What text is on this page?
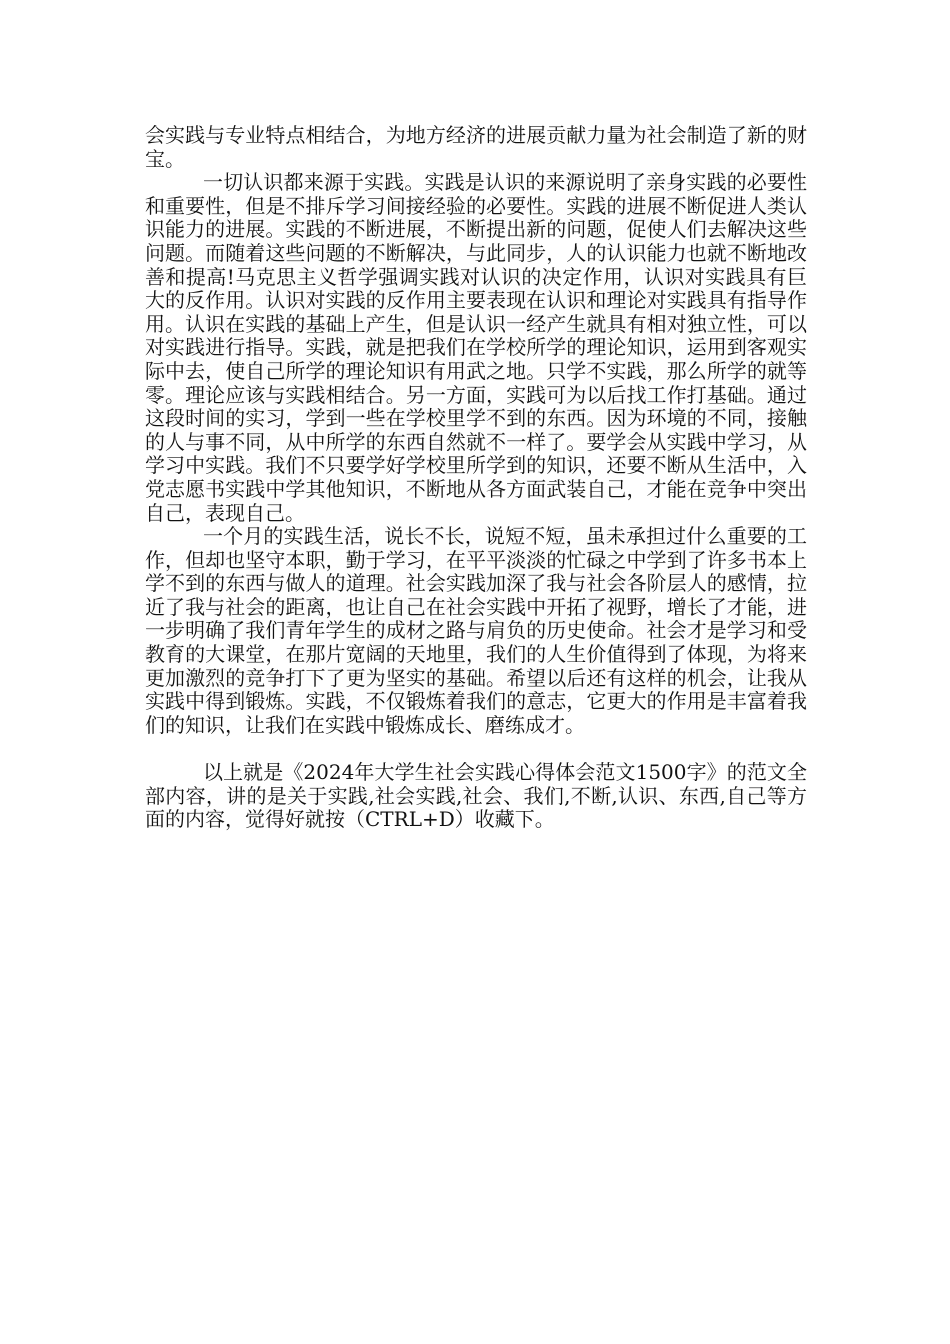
会实践与专业特点相结合，为地方经济的进展贡献力量为社会制造了新的财宝。

一切认识都来源于实践。实践是认识的来源说明了亲身实践的必要性和重要性，但是不排斥学习间接经验的必要性。实践的进展不断促进人类认识能力的进展。实践的不断进展，不断提出新的问题，促使人们去解决这些问题。而随着这些问题的不断解决，与此同步，人的认识能力也就不断地改善和提高!马克思主义哲学强调实践对认识的决定作用，认识对实践具有巨大的反作用。认识对实践的反作用主要表现在认识和理论对实践具有指导作用。认识在实践的基础上产生，但是认识一经产生就具有相对独立性，可以对实践进行指导。实践，就是把我们在学校所学的理论知识，运用到客观实际中去，使自己所学的理论知识有用武之地。只学不实践，那么所学的就等零。理论应该与实践相结合。另一方面，实践可为以后找工作打基础。通过这段时间的实习，学到一些在学校里学不到的东西。因为环境的不同，接触的人与事不同，从中所学的东西自然就不一样了。要学会从实践中学习，从学习中实践。我们不只要学好学校里所学到的知识，还要不断从生活中，入党志愿书实践中学其他知识，不断地从各方面武装自己，才能在竞争中突出自己，表现自己。

一个月的实践生活，说长不长，说短不短，虽未承担过什么重要的工作，但却也坚守本职，勤于学习，在平平淡淡的忙碌之中学到了许多书本上学不到的东西与做人的道理。社会实践加深了我与社会各阶层人的感情，拉近了我与社会的距离，也让自己在社会实践中开拓了视野，增长了才能，进一步明确了我们青年学生的成材之路与肩负的历史使命。社会才是学习和受教育的大课堂，在那片宽阔的天地里，我们的人生价值得到了体现，为将来更加激烈的竞争打下了更为坚实的基础。希望以后还有这样的机会，让我从实践中得到锻炼。实践，不仅锻炼着我们的意志，它更大的作用是丰富着我们的知识，让我们在实践中锻炼成长、磨练成才。

以上就是《2024年大学生社会实践心得体会范文1500字》的范文全部内容，讲的是关于实践,社会实践,社会、我们,不断,认识、东西,自己等方面的内容，觉得好就按（CTRL+D）收藏下。
